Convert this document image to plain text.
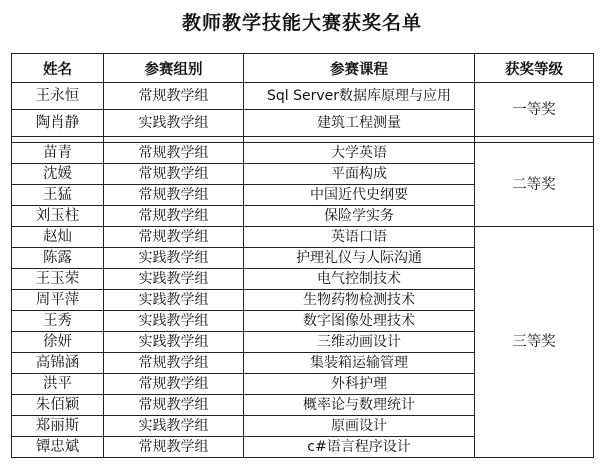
教师教学技能大赛获奖名单
姓名	参赛组别	参赛课程	获奖等级
王永恒	常规教学组	Sql Server数据库原理与应用	一等奖
陶肖静	实践教学组	建筑工程测量	

苗青	常规教学组	大学英语	二等奖
沈媛	常规教学组	平面构成	
王猛	常规教学组	中国近代史纲要	
刘玉柱	常规教学组	保险学实务	
赵灿	常规教学组	英语口语	三等奖
陈露	实践教学组	护理礼仪与人际沟通	
王玉荣	实践教学组	电气控制技术	
周平萍	实践教学组	生物药物检测技术	
王秀	实践教学组	数字图像处理技术	
徐妍	实践教学组	三维动画设计	
高锦涵	常规教学组	集装箱运输管理	
洪平	常规教学组	外科护理	
朱佰颖	常规教学组	概率论与数理统计	
郑丽斯	实践教学组	原画设计	
镡忠斌	常规教学组	c#语言程序设计	
